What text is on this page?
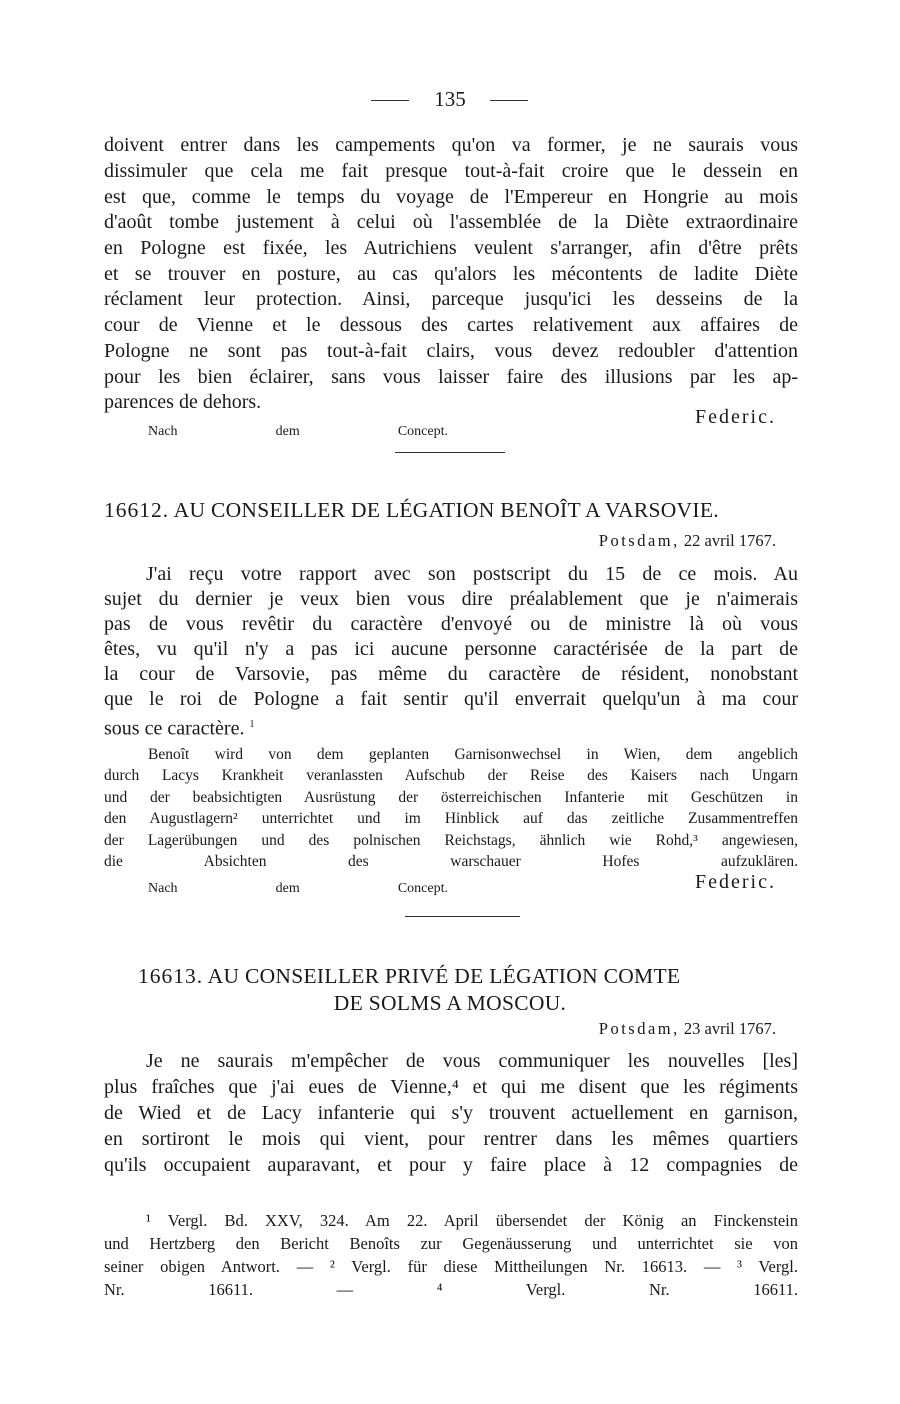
135
doivent entrer dans les campements qu'on va former, je ne saurais vous
dissimuler que cela me fait presque tout-à-fait croire que le dessein en
est que, comme le temps du voyage de l'Empereur en Hongrie au mois
d'août tombe justement à celui où l'assemblée de la Diète extraordinaire
en Pologne est fixée, les Autrichiens veulent s'arranger, afin d'être prêts
et se trouver en posture, au cas qu'alors les mécontents de ladite Diète
réclament leur protection. Ainsi, parceque jusqu'ici les desseins de la
cour de Vienne et le dessous des cartes relativement aux affaires de
Pologne ne sont pas tout-à-fait clairs, vous devez redoubler d'attention
pour les bien éclairer, sans vous laisser faire des illusions par les ap-
parences de dehors.
Federic.
Nach dem Concept.
16612. AU CONSEILLER DE LÉGATION BENOÎT A VARSOVIE.
Potsdam, 22 avril 1767.
J'ai reçu votre rapport avec son postscript du 15 de ce mois. Au
sujet du dernier je veux bien vous dire préalablement que je n'aimerais
pas de vous revêtir du caractère d'envoyé ou de ministre là où vous
êtes, vu qu'il n'y a pas ici aucune personne caractérisée de la part de
la cour de Varsovie, pas même du caractère de résident, nonobstant
que le roi de Pologne a fait sentir qu'il enverrait quelqu'un à ma cour
sous ce caractère. $^1$
Benoît wird von dem geplanten Garnisonwechsel in Wien, dem angeblich
durch Lacys Krankheit veranlassten Aufschub der Reise des Kaisers nach Ungarn
und der beabsichtigten Ausrüstung der österreichischen Infanterie mit Geschützen in
den Augustlagern² unterrichtet und im Hinblick auf das zeitliche Zusammentreffen
der Lagerübungen und des polnischen Reichstags, ähnlich wie Rohd,³ angewiesen,
die Absichten des warschauer Hofes aufzuklären.
Nach dem Concept.	Federic.
16613. AU CONSEILLER PRIVÉ DE LÉGATION COMTE
DE SOLMS A MOSCOU.
Potsdam, 23 avril 1767.
Je ne saurais m'empêcher de vous communiquer les nouvelles [les]
plus fraîches que j'ai eues de Vienne,⁴ et qui me disent que les régiments
de Wied et de Lacy infanterie qui s'y trouvent actuellement en garnison,
en sortiront le mois qui vient, pour rentrer dans les mêmes quartiers
qu'ils occupaient auparavant, et pour y faire place à 12 compagnies de
¹ Vergl. Bd. XXV, 324. Am 22. April übersendet der König an Finckenstein
und Hertzberg den Bericht Benoîts zur Gegenäusserung und unterrichtet sie von
seiner obigen Antwort. — ² Vergl. für diese Mittheilungen Nr. 16613. — ³ Vergl.
Nr. 16611. — ⁴ Vergl. Nr. 16611.
